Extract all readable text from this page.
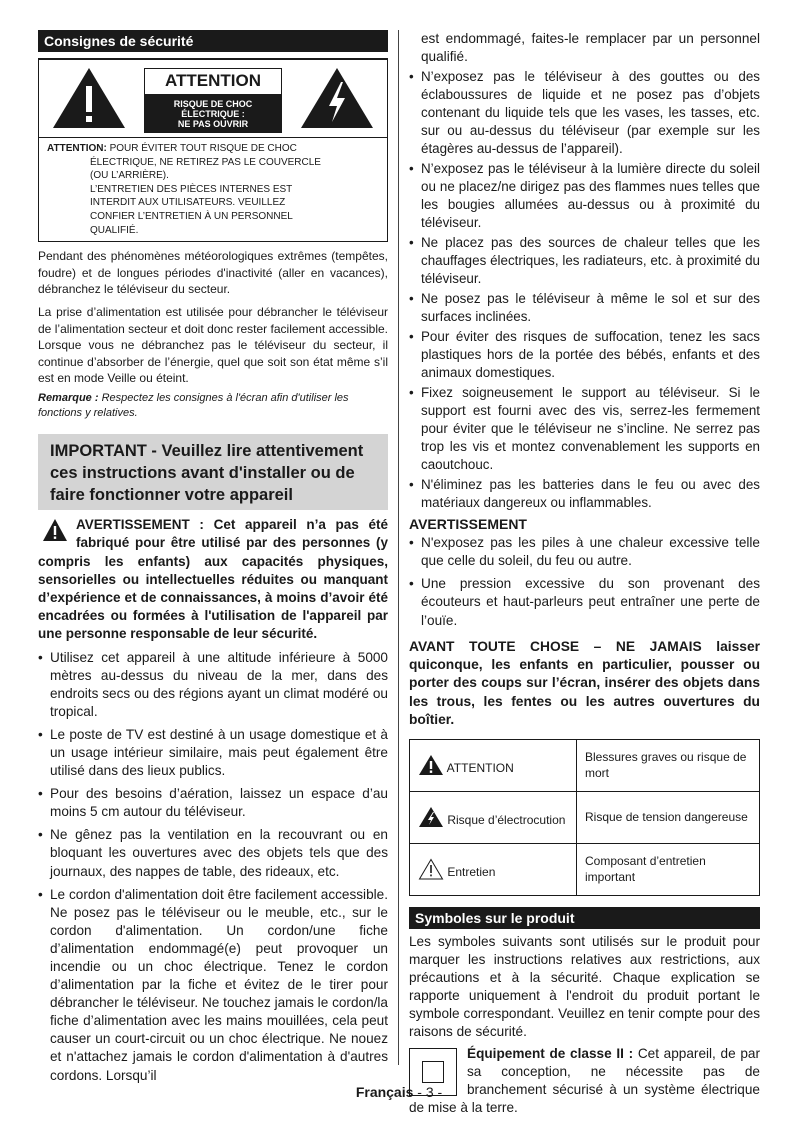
Consignes de sécurité
ATTENTION
RISQUE DE CHOC
ÉLECTRIQUE :
NE PAS OUVRIR
ATTENTION: POUR ÉVITER TOUT RISQUE DE CHOC
ÉLECTRIQUE, NE RETIREZ PAS LE COUVERCLE
(OU L’ARRIÈRE).
L’ENTRETIEN DES PIÈCES INTERNES EST
INTERDIT AUX UTILISATEURS. VEUILLEZ
CONFIER L’ENTRETIEN À UN PERSONNEL
QUALIFIÉ.

Pendant des phénomènes météorologiques extrêmes (tempêtes, foudre) et de longues périodes d'inactivité (aller en vacances), débranchez le téléviseur du secteur.

La prise d’alimentation est utilisée pour débrancher le téléviseur de l’alimentation secteur et doit donc rester facilement accessible. Lorsque vous ne débranchez pas le téléviseur du secteur, il continue d’absorber de l’énergie, quel que soit son état même s’il est en mode Veille ou éteint.

Remarque : Respectez les consignes à l'écran afin d'utiliser les fonctions y relatives.

IMPORTANT - Veuillez lire attentivement ces instructions avant d'installer ou de faire fonctionner votre appareil
AVERTISSEMENT : Cet appareil n’a pas été fabriqué pour être utilisé par des personnes (y compris les enfants) aux capacités physiques, sensorielles ou intellectuelles réduites ou manquant d’expérience et de connaissances, à moins d’avoir été encadrées ou formées à l'utilisation de l'appareil par une personne responsable de leur sécurité.
• Utilisez cet appareil à une altitude inférieure à 5000 mètres au-dessus du niveau de la mer, dans des endroits secs ou des régions ayant un climat modéré ou tropical.
• Le poste de TV est destiné à un usage domestique et à un usage intérieur similaire, mais peut également être utilisé dans des lieux publics.
• Pour des besoins d’aération, laissez un espace d’au moins 5 cm autour du téléviseur.
• Ne gênez pas la ventilation en la recouvrant ou en bloquant les ouvertures avec des objets tels que des journaux, des nappes de table, des rideaux, etc.
• Le cordon d'alimentation doit être facilement accessible. Ne posez pas le téléviseur ou le meuble, etc., sur le cordon d'alimentation. Un cordon/une fiche d’alimentation endommagé(e) peut provoquer un incendie ou un choc électrique. Tenez le cordon d’alimentation par la fiche et évitez de le tirer pour débrancher le téléviseur. Ne touchez jamais le cordon/la fiche d’alimentation avec les mains mouillées, cela peut causer un court-circuit ou un choc électrique. Ne nouez et n'attachez jamais le cordon d'alimentation à d'autres cordons. Lorsqu’il
est endommagé, faites-le remplacer par un personnel qualifié.
• N’exposez pas le téléviseur à des gouttes ou des éclaboussures de liquide et ne posez pas d’objets contenant du liquide tels que les vases, les tasses, etc. sur ou au-dessus du téléviseur (par exemple sur les étagères au-dessus de l’appareil).
• N’exposez pas le téléviseur à la lumière directe du soleil ou ne placez/ne dirigez pas des flammes nues telles que les bougies allumées au-dessus ou à proximité du téléviseur.
• Ne placez pas des sources de chaleur telles que les chauffages électriques, les radiateurs, etc. à proximité du téléviseur.
• Ne posez pas le téléviseur à même le sol et sur des surfaces inclinées.
• Pour éviter des risques de suffocation, tenez les sacs plastiques hors de la portée des bébés, enfants et des animaux domestiques.
• Fixez soigneusement le support au téléviseur. Si le support est fourni avec des vis, serrez-les fermement pour éviter que le téléviseur ne s’incline. Ne serrez pas trop les vis et montez convenablement les supports en caoutchouc.
• N'éliminez pas les batteries dans le feu ou avec des matériaux dangereux ou inflammables.
AVERTISSEMENT
• N'exposez pas les piles à une chaleur excessive telle que celle du soleil, du feu ou autre.
• Une pression excessive du son provenant des écouteurs et haut-parleurs peut entraîner une perte de l’ouïe.
AVANT TOUTE CHOSE – NE JAMAIS laisser quiconque, les enfants en particulier, pousser ou porter des coups sur l’écran, insérer des objets dans les trous, les fentes ou les autres ouvertures du boîtier.
ATTENTION	Blessures graves ou risque de mort
Risque d’électrocution	Risque de tension dangereuse
Entretien	Composant d’entretien important
Symboles sur le produit

Les symboles suivants sont utilisés sur le produit pour marquer les instructions relatives aux restrictions, aux précautions et à la sécurité. Chaque explication se rapporte uniquement à l'endroit du produit portant le symbole correspondant. Veuillez en tenir compte pour des raisons de sécurité.

Équipement de classe II : Cet appareil, de par sa conception, ne nécessite pas de branchement sécurisé à un système électrique de mise à la terre.
Français - 3 -
